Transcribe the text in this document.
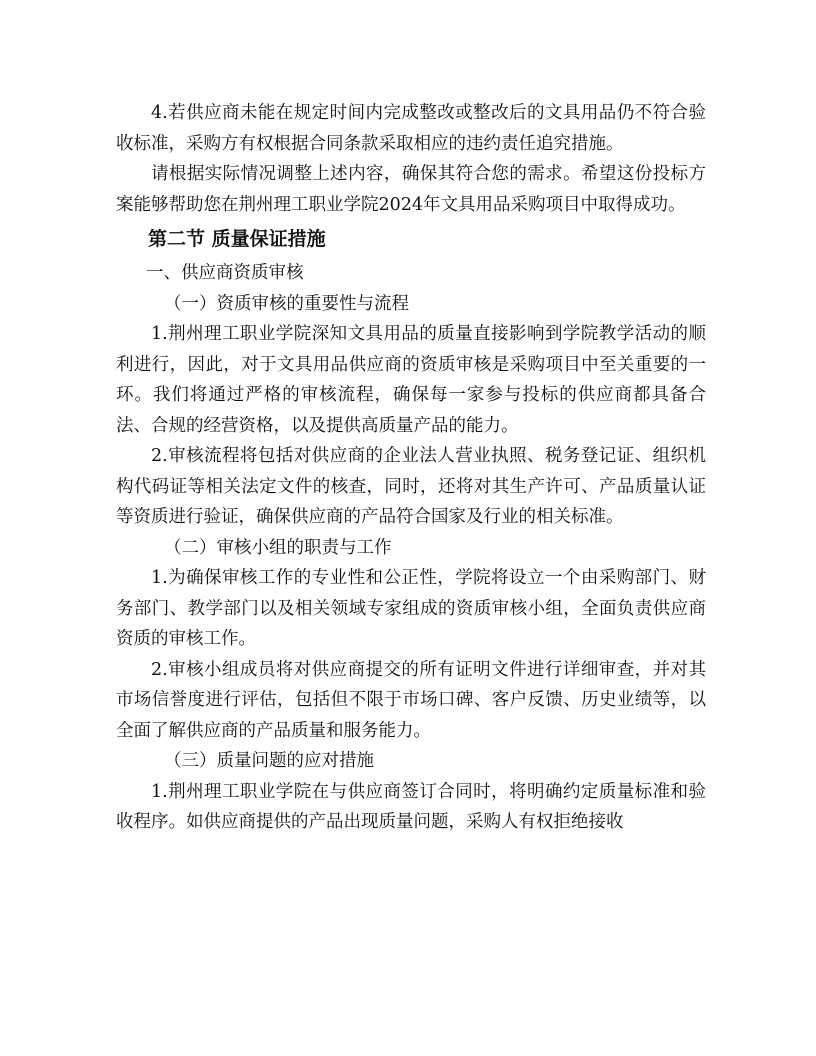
4.若供应商未能在规定时间内完成整改或整改后的文具用品仍不符合验收标准，采购方有权根据合同条款采取相应的违约责任追究措施。

请根据实际情况调整上述内容，确保其符合您的需求。希望这份投标方案能够帮助您在荆州理工职业学院2024年文具用品采购项目中取得成功。

第二节 质量保证措施

一、供应商资质审核

（一）资质审核的重要性与流程

1.荆州理工职业学院深知文具用品的质量直接影响到学院教学活动的顺利进行，因此，对于文具用品供应商的资质审核是采购项目中至关重要的一环。我们将通过严格的审核流程，确保每一家参与投标的供应商都具备合法、合规的经营资格，以及提供高质量产品的能力。

2.审核流程将包括对供应商的企业法人营业执照、税务登记证、组织机构代码证等相关法定文件的核查，同时，还将对其生产许可、产品质量认证等资质进行验证，确保供应商的产品符合国家及行业的相关标准。

（二）审核小组的职责与工作

1.为确保审核工作的专业性和公正性，学院将设立一个由采购部门、财务部门、教学部门以及相关领域专家组成的资质审核小组，全面负责供应商资质的审核工作。

2.审核小组成员将对供应商提交的所有证明文件进行详细审查，并对其市场信誉度进行评估，包括但不限于市场口碑、客户反馈、历史业绩等，以全面了解供应商的产品质量和服务能力。

（三）质量问题的应对措施

1.荆州理工职业学院在与供应商签订合同时，将明确约定质量标准和验收程序。如供应商提供的产品出现质量问题，采购人有权拒绝接收
